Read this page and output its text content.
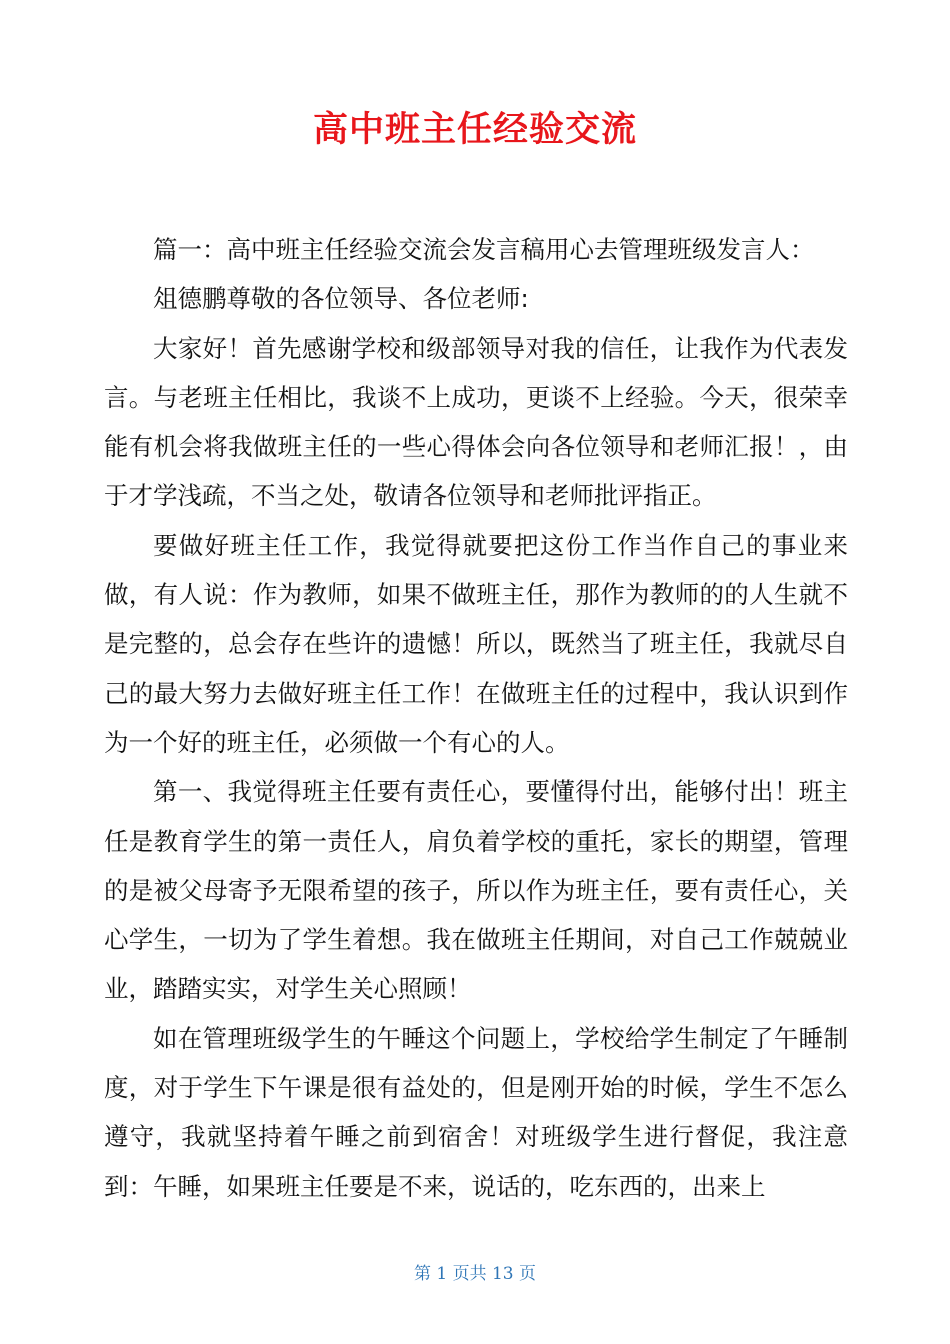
高中班主任经验交流

篇一：高中班主任经验交流会发言稿用心去管理班级发言人：

俎德鹏尊敬的各位领导、各位老师:

大家好！首先感谢学校和级部领导对我的信任，让我作为代表发言。与老班主任相比，我谈不上成功，更谈不上经验。今天，很荣幸能有机会将我做班主任的一些心得体会向各位领导和老师汇报！，由于才学浅疏，不当之处，敬请各位领导和老师批评指正。

要做好班主任工作，我觉得就要把这份工作当作自己的事业来做，有人说：作为教师，如果不做班主任，那作为教师的的人生就不是完整的，总会存在些许的遗憾！所以，既然当了班主任，我就尽自己的最大努力去做好班主任工作！在做班主任的过程中，我认识到作为一个好的班主任，必须做一个有心的人。

第一、我觉得班主任要有责任心，要懂得付出，能够付出！班主任是教育学生的第一责任人，肩负着学校的重托，家长的期望，管理的是被父母寄予无限希望的孩子，所以作为班主任，要有责任心，关心学生，一切为了学生着想。我在做班主任期间，对自己工作兢兢业业，踏踏实实，对学生关心照顾！

如在管理班级学生的午睡这个问题上，学校给学生制定了午睡制度，对于学生下午课是很有益处的，但是刚开始的时候，学生不怎么遵守，我就坚持着午睡之前到宿舍！对班级学生进行督促，我注意到：午睡，如果班主任要是不来，说话的，吃东西的，出来上

第 1 页共 13 页
